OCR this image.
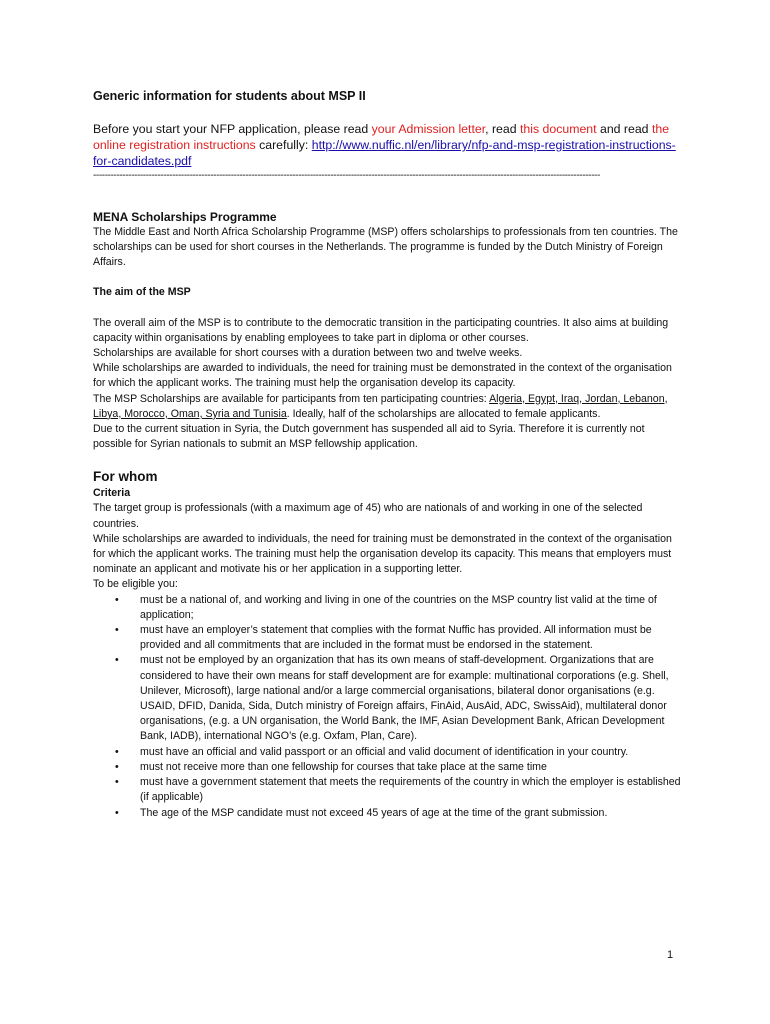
Generic information for students about MSP II

Before you start your NFP application, please read your Admission letter, read this document and read the online registration instructions carefully: http://www.nuffic.nl/en/library/nfp-and-msp-registration-instructions-for-candidates.pdf

-----------------------------------------------------------------------------------------------------------------------------------------------------------------------------

MENA Scholarships Programme

The Middle East and North Africa Scholarship Programme (MSP) offers scholarships to professionals from ten countries. The scholarships can be used for short courses in the Netherlands. The programme is funded by the Dutch Ministry of Foreign Affairs.

The aim of the MSP

The overall aim of the MSP is to contribute to the democratic transition in the participating countries. It also aims at building capacity within organisations by enabling employees to take part in diploma or other courses.

Scholarships are available for short courses with a duration between two and twelve weeks.

While scholarships are awarded to individuals, the need for training must be demonstrated in the context of the organisation for which the applicant works. The training must help the organisation develop its capacity.

The MSP Scholarships are available for participants from ten participating countries: Algeria, Egypt, Iraq, Jordan, Lebanon, Libya, Morocco, Oman, Syria and Tunisia. Ideally, half of the scholarships are allocated to female applicants.

Due to the current situation in Syria, the Dutch government has suspended all aid to Syria. Therefore it is currently not possible for Syrian nationals to submit an MSP fellowship application.

For whom

Criteria

The target group is professionals (with a maximum age of 45) who are nationals of and working in one of the selected countries.

While scholarships are awarded to individuals, the need for training must be demonstrated in the context of the organisation for which the applicant works. The training must help the organisation develop its capacity. This means that employers must nominate an applicant and motivate his or her application in a supporting letter.

To be eligible you:

• must be a national of, and working and living in one of the countries on the MSP country list valid at the time of application;
• must have an employer’s statement that complies with the format Nuffic has provided. All information must be provided and all commitments that are included in the format must be endorsed in the statement.
• must not be employed by an organization that has its own means of staff-development. Organizations that are considered to have their own means for staff development are for example: multinational corporations (e.g. Shell, Unilever, Microsoft), large national and/or a large commercial organisations, bilateral donor organisations (e.g. USAID, DFID, Danida, Sida, Dutch ministry of Foreign affairs, FinAid, AusAid, ADC, SwissAid), multilateral donor organisations, (e.g. a UN organisation, the World Bank, the IMF, Asian Development Bank, African Development Bank, IADB), international NGO’s (e.g. Oxfam, Plan, Care).
• must have an official and valid passport or an official and valid document of identification in your country.
• must not receive more than one fellowship for courses that take place at the same time
• must have a government statement that meets the requirements of the country in which the employer is established (if applicable)
• The age of the MSP candidate must not exceed 45 years of age at the time of the grant submission.
1
